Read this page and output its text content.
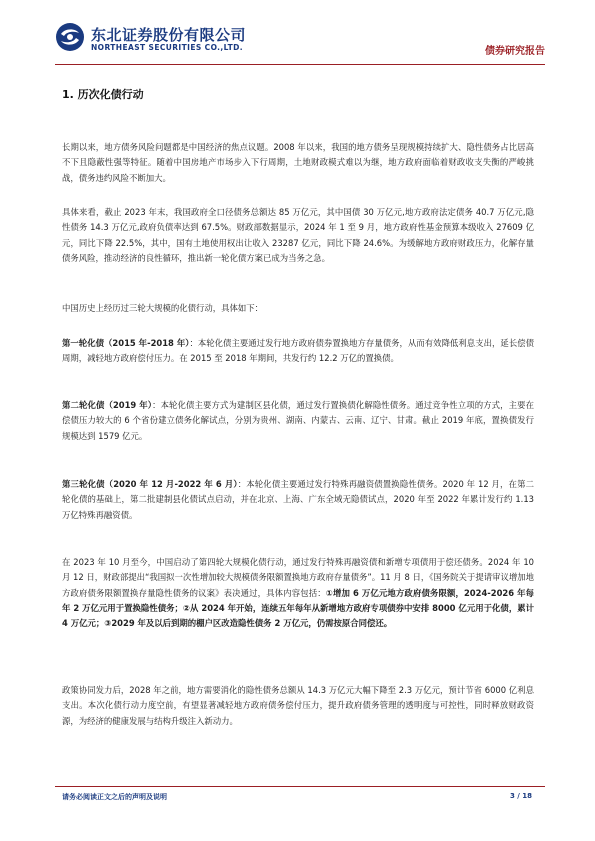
东北证券股份有限公司
NORTHEAST SECURITIES CO.,LTD.	债券研究报告
1. 历次化债行动
长期以来，地方债务风险问题都是中国经济的焦点议题。2008 年以来，我国的地方债务呈现规模持续扩大、隐性债务占比居高不下且隐蔽性强等特征。随着中国房地产市场步入下行周期，土地财政模式难以为继，地方政府面临着财政收支失衡的严峻挑战，债务违约风险不断加大。
具体来看，截止 2023 年末，我国政府全口径债务总额达 85 万亿元，其中国债 30 万亿元,地方政府法定债务 40.7 万亿元,隐性债务 14.3 万亿元,政府负债率达到 67.5%。财政部数据显示，2024 年 1 至 9 月，地方政府性基金预算本级收入 27609 亿元，同比下降 22.5%，其中，国有土地使用权出让收入 23287 亿元，同比下降 24.6%。为缓解地方政府财政压力，化解存量债务风险，推动经济的良性循环，推出新一轮化债方案已成为当务之急。
中国历史上经历过三轮大规模的化债行动，具体如下：
第一轮化债（2015 年-2018 年）：本轮化债主要通过发行地方政府债券置换地方存量债务，从而有效降低利息支出，延长偿债周期，减轻地方政府偿付压力。在 2015 至 2018 年期间，共发行约 12.2 万亿的置换债。
第二轮化债（2019 年）：本轮化债主要方式为建制区县化债，通过发行置换债化解隐性债务。通过竞争性立项的方式，主要在偿债压力较大的 6 个省份建立债务化解试点，分别为贵州、湖南、内蒙古、云南、辽宁、甘肃。截止 2019 年底，置换债发行规模达到 1579 亿元。
第三轮化债（2020 年 12 月-2022 年 6 月）：本轮化债主要通过发行特殊再融资债置换隐性债务。2020 年 12 月，在第二轮化债的基础上，第二批建制县化债试点启动，并在北京、上海、广东全域无隐债试点，2020 年至 2022 年累计发行约 1.13 万亿特殊再融资债。
在 2023 年 10 月至今，中国启动了第四轮大规模化债行动，通过发行特殊再融资债和新增专项债用于偿还债务。2024 年 10 月 12 日，财政部提出“我国拟一次性增加较大规模债务限额置换地方政府存量债务”。11 月 8 日，《国务院关于提请审议增加地方政府债务限额置换存量隐性债务的议案》表决通过，具体内容包括：①增加 6 万亿元地方政府债务限额，2024-2026 年每年 2 万亿元用于置换隐性债务；②从 2024 年开始，连续五年每年从新增地方政府专项债券中安排 8000 亿元用于化债，累计 4 万亿元；③2029 年及以后到期的棚户区改造隐性债务 2 万亿元，仍需按原合同偿还。
政策协同发力后，2028 年之前，地方需要消化的隐性债务总额从 14.3 万亿元大幅下降至 2.3 万亿元，预计节省 6000 亿利息支出。本次化债行动力度空前，有望显著减轻地方政府债务偿付压力，提升政府债务管理的透明度与可控性，同时释放财政资源，为经济的健康发展与结构升级注入新动力。
请务必阅读正文之后的声明及说明	3 / 18
